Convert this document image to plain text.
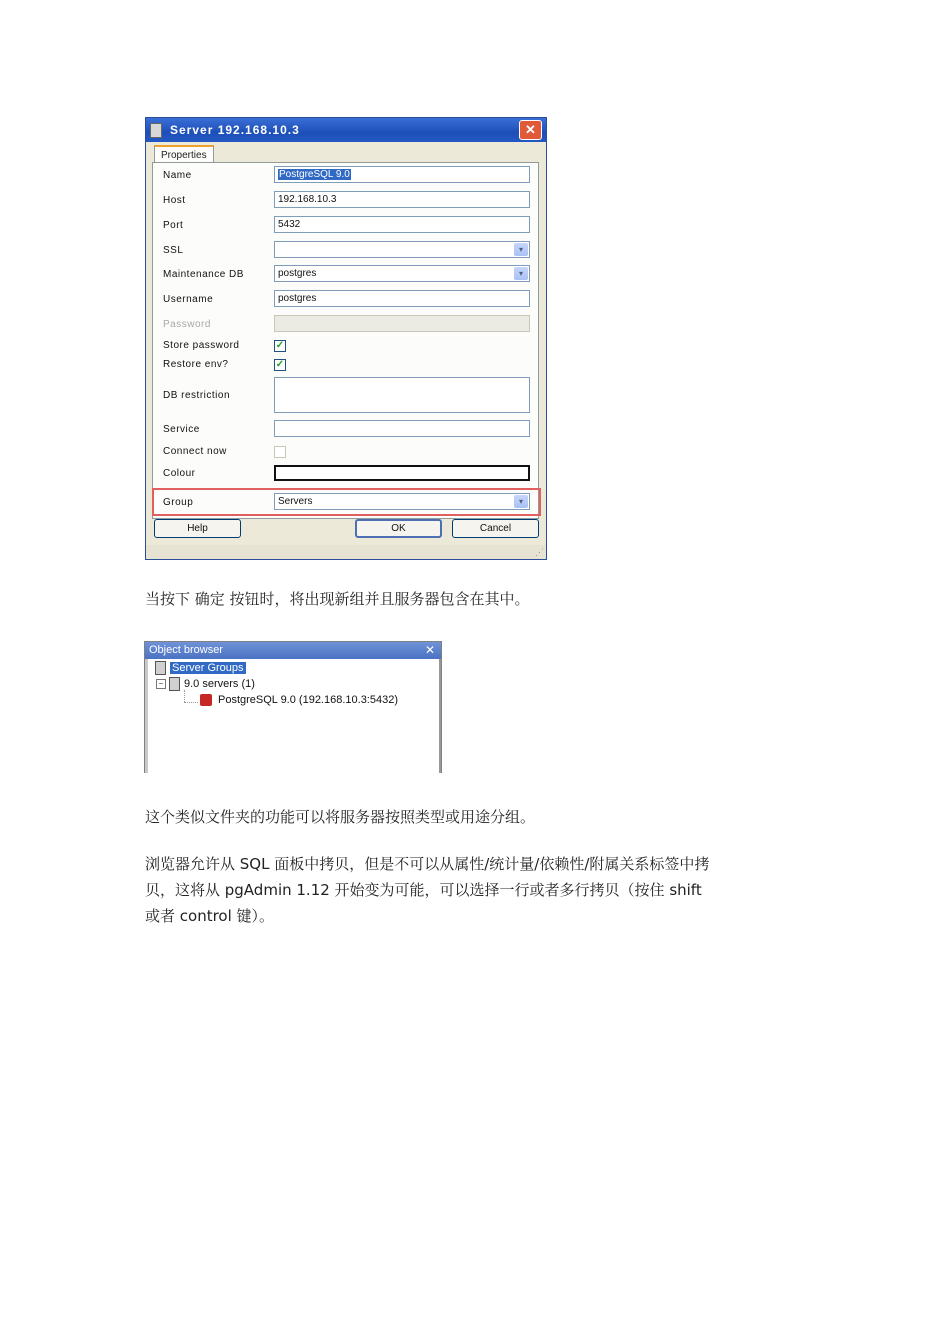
Server 192.168.10.3	✕
Properties
Name	PostgreSQL 9.0
Host	192.168.10.3
Port	5432
SSL	▾
Maintenance DB	postgres	▾
Username	postgres
Password
Store password	✓
Restore env?	✓
DB restriction
Service
Connect now
Colour
Group	Servers	▾
Help	OK	Cancel
⋰
当按下 确定 按钮时，将出现新组并且服务器包含在其中。
Object browser	✕
Server Groups
− 9.0 servers (1)
PostgreSQL 9.0 (192.168.10.3:5432)
这个类似文件夹的功能可以将服务器按照类型或用途分组。
浏览器允许从 SQL 面板中拷贝，但是不可以从属性/统计量/依赖性/附属关系标签中拷
贝，这将从 pgAdmin 1.12 开始变为可能，可以选择一行或者多行拷贝（按住 shift
或者 control 键）。
